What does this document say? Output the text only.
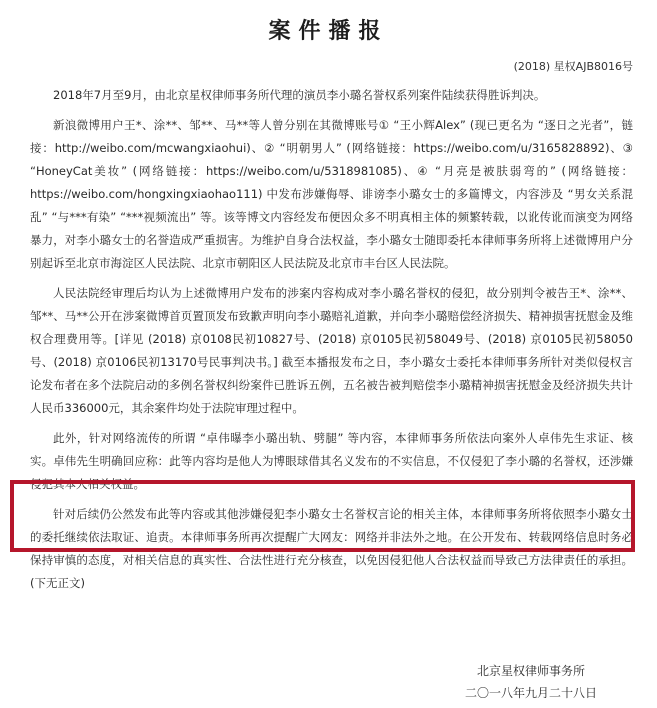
案件播报
(2018) 星权AJB8016号

2018年7月至9月，由北京星权律师事务所代理的演员李小璐名誉权系列案件陆续获得胜诉判决。

新浪微博用户王*、涂**、邹**、马**等人曾分别在其微博账号① “王小辉Alex” (现已更名为 “逐日之光者”，链接：http://weibo.com/mcwangxiaohui)、② “明朝男人” (网络链接：https://weibo.com/u/3165828892)、③ “HoneyCat美妆” (网络链接：https://weibo.com/u/5318981085)、④ “月亮是被肤弱弯的” (网络链接：https://weibo.com/hongxingxiaohao111) 中发布涉嫌侮辱、诽谤李小璐女士的多篇博文，内容涉及 “男女关系混乱” “与***有染” “***视频流出” 等。该等博文内容经发布便因众多不明真相主体的频繁转载，以讹传讹而演变为网络暴力，对李小璐女士的名誉造成严重损害。为维护自身合法权益，李小璐女士随即委托本律师事务所将上述微博用户分别起诉至北京市海淀区人民法院、北京市朝阳区人民法院及北京市丰台区人民法院。

人民法院经审理后均认为上述微博用户发布的涉案内容构成对李小璐名誉权的侵犯，故分别判令被告王*、涂**、邹**、马**公开在涉案微博首页置顶发布致歉声明向李小璐赔礼道歉，并向李小璐赔偿经济损失、精神损害抚慰金及维权合理费用等。[详见 (2018) 京0108民初10827号、(2018) 京0105民初58049号、(2018) 京0105民初58050号、(2018) 京0106民初13170号民事判决书。] 截至本播报发布之日，李小璐女士委托本律师事务所针对类似侵权言论发布者在多个法院启动的多例名誉权纠纷案件已胜诉五例，五名被告被判赔偿李小璐精神损害抚慰金及经济损失共计人民币336000元，其余案件均处于法院审理过程中。

此外，针对网络流传的所谓 “卓伟曝李小璐出轨、劈腿” 等内容，本律师事务所依法向案外人卓伟先生求证、核实。卓伟先生明确回应称：此等内容均是他人为博眼球借其名义发布的不实信息，不仅侵犯了李小璐的名誉权，还涉嫌侵犯其本人相关权益。

针对后续仍公然发布此等内容或其他涉嫌侵犯李小璐女士名誉权言论的相关主体，本律师事务所将依照李小璐女士的委托继续依法取证、追责。本律师事务所再次提醒广大网友：网络并非法外之地。在公开发布、转载网络信息时务必保持审慎的态度，对相关信息的真实性、合法性进行充分核查，以免因侵犯他人合法权益而导致己方法律责任的承担。(下无正文)

北京星权律师事务所
二〇一八年九月二十八日
